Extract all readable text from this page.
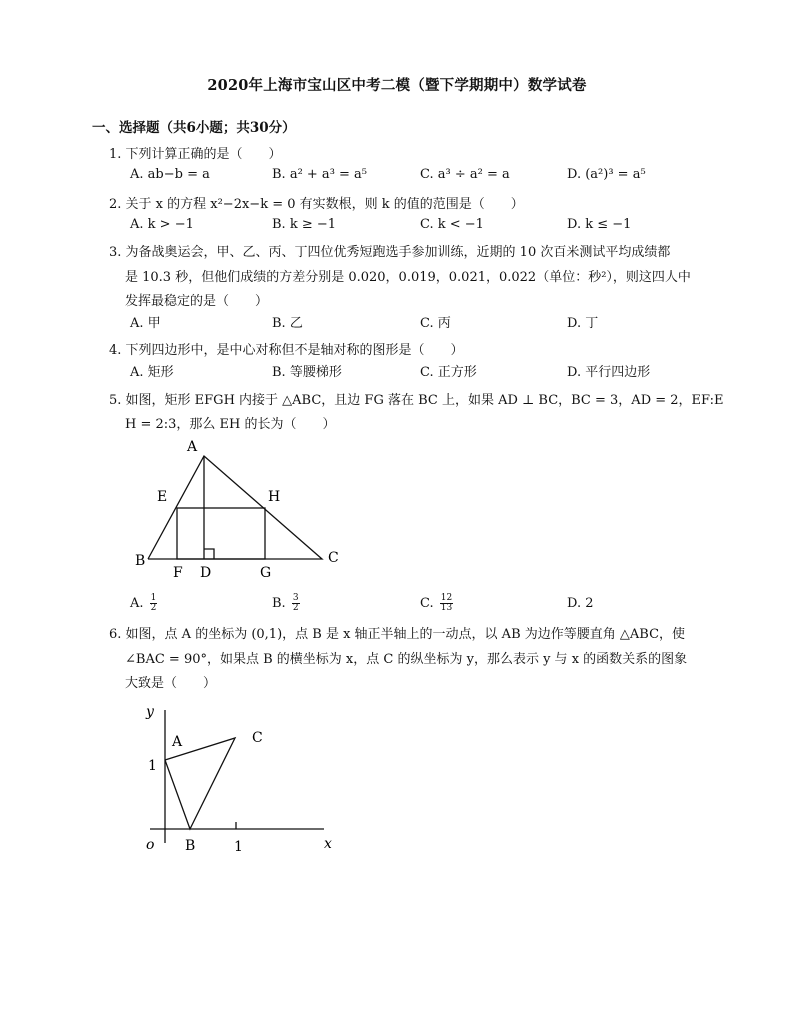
2020年上海市宝山区中考二模（暨下学期期中）数学试卷
一、选择题（共6小题；共30分）
1. 下列计算正确的是（　　）
A. ab−b = a	B. a² + a³ = a⁵	C. a³ ÷ a² = a	D. (a²)³ = a⁵
2. 关于 x 的方程 x²−2x−k = 0 有实数根，则 k 的值的范围是（　　）
A. k > −1	B. k ≥ −1	C. k < −1	D. k ≤ −1
3. 为备战奥运会，甲、乙、丙、丁四位优秀短跑选手参加训练，近期的 10 次百米测试平均成绩都
是 10.3 秒，但他们成绩的方差分别是 0.020，0.019，0.021，0.022（单位：秒²），则这四人中
发挥最稳定的是（　　）
A. 甲	B. 乙	C. 丙	D. 丁
4. 下列四边形中，是中心对称但不是轴对称的图形是（　　）
A. 矩形	B. 等腰梯形	C. 正方形	D. 平行四边形
5. 如图，矩形 EFGH 内接于 △ABC，且边 FG 落在 BC 上，如果 AD ⊥ BC，BC = 3，AD = 2，EF:E
H = 2:3，那么 EH 的长为（　　）
A
E	H
B	C
F D	G
A. $\frac{1}{2}$	B. $\frac{3}{2}$	C. $\frac{12}{13}$	D. 2
6. 如图，点 A 的坐标为 (0,1)，点 B 是 x 轴正半轴上的一动点，以 AB 为边作等腰直角 △ABC，使
∠BAC = 90°，如果点 B 的横坐标为 x，点 C 的纵坐标为 y，那么表示 y 与 x 的函数关系的图象
大致是（　　）
y
A	C
1
o B	1	x
